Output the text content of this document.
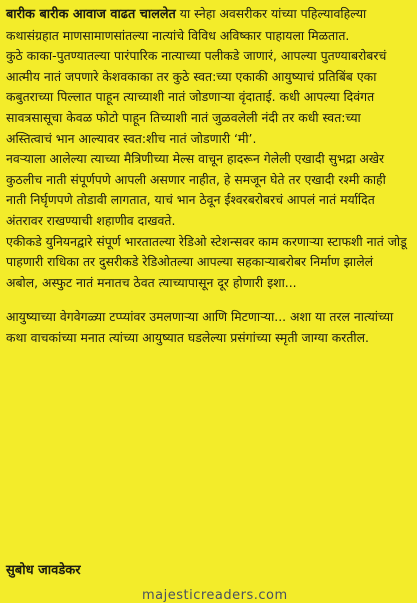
बारीक बारीक आवाज वाढत चाललेत या स्नेहा अवसरीकर यांच्या पहिल्यावहिल्या कथासंग्रहात माणसामाणसांतल्या नात्यांचे विविध अविष्कार पाहायला मिळतात.

कुठे काका-पुतण्यातल्या पारंपारिक नात्याच्या पलीकडे जाणारं, आपल्या पुतण्याबरोबरचं आत्मीय नातं जपणारे केशवकाका तर कुठे स्वत:च्या एकाकी आयुष्याचं प्रतिबिंब एका कबुतराच्या पिल्लात पाहून त्याच्याशी नातं जोडणाऱ्या वृंदाताई. कधी आपल्या दिवंगत सावत्रसासूचा केवळ फोटो पाहून तिच्याशी नातं जुळवलेली नंदी तर कधी स्वत:च्या अस्तित्वाचं भान आल्यावर स्वत:शीच नातं जोडणारी ‘मी’.

नवऱ्याला आलेल्या त्याच्या मैत्रिणीच्या मेल्स वाचून हादरून गेलेली एखादी सुभद्रा अखेर कुठलीच नाती संपूर्णपणे आपली असणार नाहीत, हे समजून घेते तर एखादी रश्मी काही नाती निर्घृणपणे तोडावी लागतात, याचं भान ठेवून ईश्वरबरोबरचं आपलं नातं मर्यादित अंतरावर राखण्याची शहाणीव दाखवते.

एकीकडे युनियनद्वारे संपूर्ण भारतातल्या रेडिओ स्टेशन्सवर काम करणाऱ्या स्टाफशी नातं जोडू पाहणारी राधिका तर दुसरीकडे रेडिओतल्या आपल्या सहकाऱ्याबरोबर निर्माण झालेलं अबोल, अस्फुट नातं मनातच ठेवत त्याच्यापासून दूर होणारी इशा...

आयुष्याच्या वेगवेगळ्या टप्प्यांवर उमलणाऱ्या आणि मिटणाऱ्या... अशा या तरल नात्यांच्या कथा वाचकांच्या मनात त्यांच्या आयुष्यात घडलेल्या प्रसंगांच्या स्मृती जाग्या करतील.

सुबोध जावडेकर

majesticreaders.com
